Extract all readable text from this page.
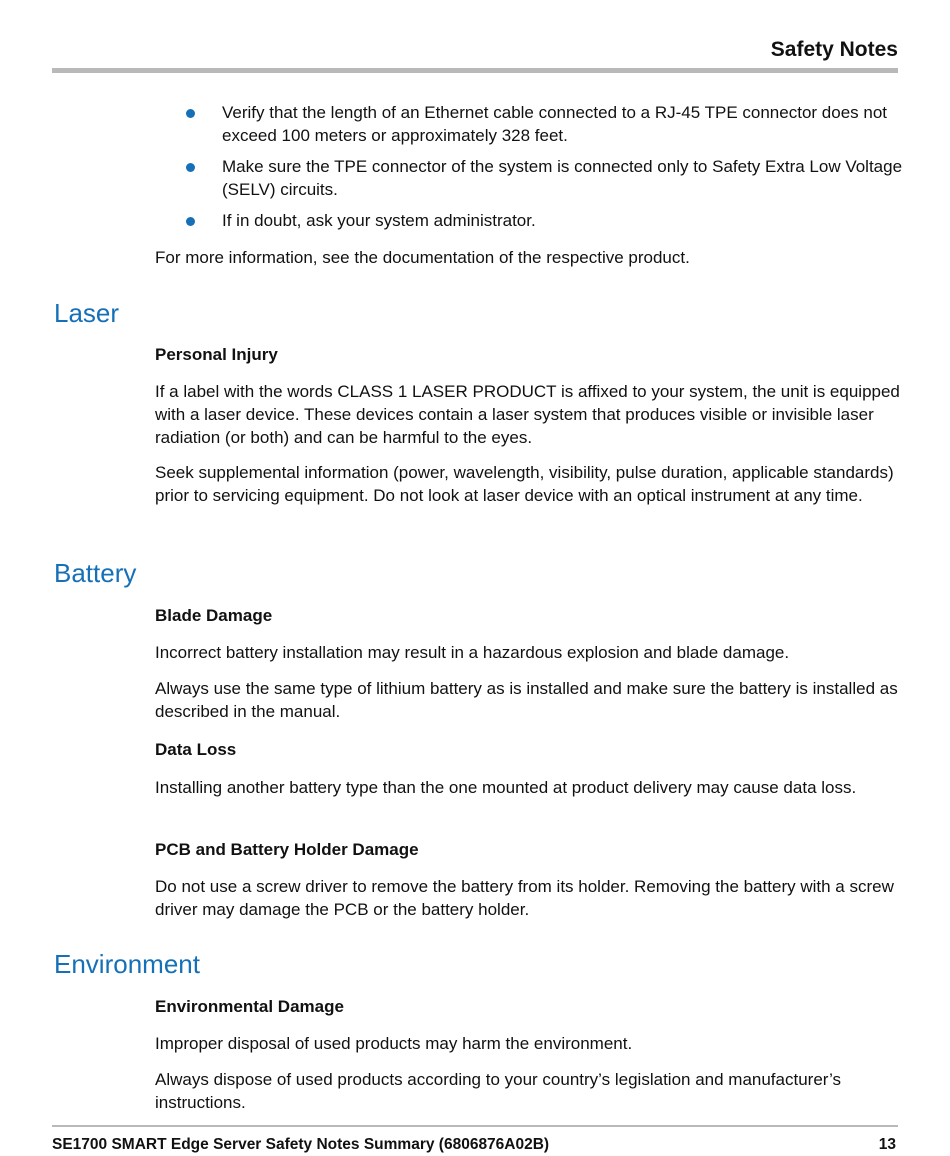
Safety Notes
Verify that the length of an Ethernet cable connected to a RJ-45 TPE connector does not exceed 100 meters or approximately 328 feet.
Make sure the TPE connector of the system is connected only to Safety Extra Low Voltage (SELV) circuits.
If in doubt, ask your system administrator.
For more information, see the documentation of the respective product.
Laser
Personal Injury
If a label with the words CLASS 1 LASER PRODUCT is affixed to your system, the unit is equipped with a laser device. These devices contain a laser system that produces visible or invisible laser radiation (or both) and can be harmful to the eyes.
Seek supplemental information (power, wavelength, visibility, pulse duration, applicable standards) prior to servicing equipment. Do not look at laser device with an optical instrument at any time.
Battery
Blade Damage
Incorrect battery installation may result in a hazardous explosion and blade damage.
Always use the same type of lithium battery as is installed and make sure the battery is installed as described in the manual.
Data Loss
Installing another battery type than the one mounted at product delivery may cause data loss.
PCB and Battery Holder Damage
Do not use a screw driver to remove the battery from its holder. Removing the battery with a screw driver may damage the PCB or the battery holder.
Environment
Environmental Damage
Improper disposal of used products may harm the environment.
Always dispose of used products according to your country’s legislation and manufacturer’s instructions.
SE1700 SMART Edge Server Safety Notes Summary (6806876A02B)	13
